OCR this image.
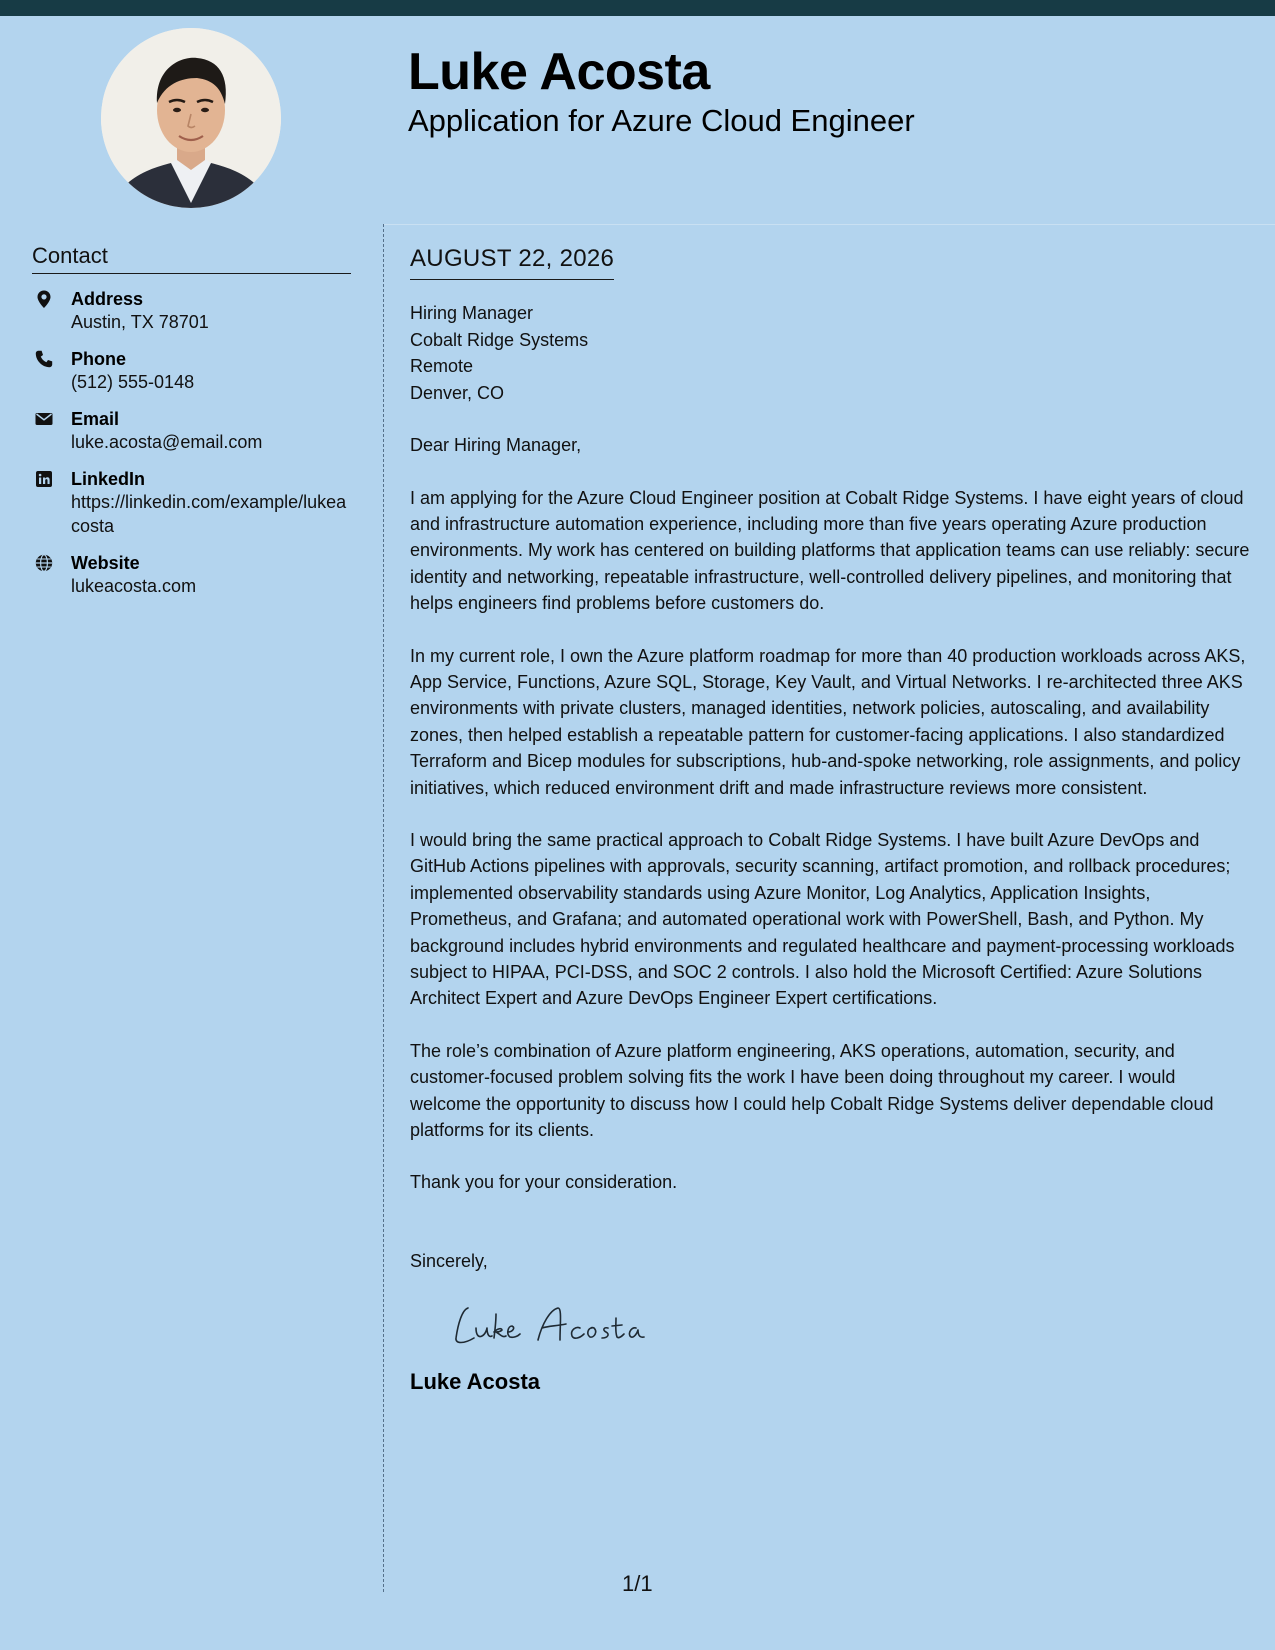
Luke Acosta
Application for Azure Cloud Engineer
Contact
Address
Austin, TX 78701
Phone
(512) 555-0148
Email
luke.acosta@email.com
LinkedIn
https://linkedin.com/example/lukeacosta
Website
lukeacosta.com
AUGUST 22, 2026
Hiring Manager
Cobalt Ridge Systems
Remote
Denver, CO
Dear Hiring Manager,

I am applying for the Azure Cloud Engineer position at Cobalt Ridge Systems. I have eight years of cloud and infrastructure automation experience, including more than five years operating Azure production environments. My work has centered on building platforms that application teams can use reliably: secure identity and networking, repeatable infrastructure, well-controlled delivery pipelines, and monitoring that helps engineers find problems before customers do.

In my current role, I own the Azure platform roadmap for more than 40 production workloads across AKS, App Service, Functions, Azure SQL, Storage, Key Vault, and Virtual Networks. I re-architected three AKS environments with private clusters, managed identities, network policies, autoscaling, and availability zones, then helped establish a repeatable pattern for customer-facing applications. I also standardized Terraform and Bicep modules for subscriptions, hub-and-spoke networking, role assignments, and policy initiatives, which reduced environment drift and made infrastructure reviews more consistent.

I would bring the same practical approach to Cobalt Ridge Systems. I have built Azure DevOps and GitHub Actions pipelines with approvals, security scanning, artifact promotion, and rollback procedures; implemented observability standards using Azure Monitor, Log Analytics, Application Insights, Prometheus, and Grafana; and automated operational work with PowerShell, Bash, and Python. My background includes hybrid environments and regulated healthcare and payment-processing workloads subject to HIPAA, PCI-DSS, and SOC 2 controls. I also hold the Microsoft Certified: Azure Solutions Architect Expert and Azure DevOps Engineer Expert certifications.

The role’s combination of Azure platform engineering, AKS operations, automation, security, and customer-focused problem solving fits the work I have been doing throughout my career. I would welcome the opportunity to discuss how I could help Cobalt Ridge Systems deliver dependable cloud platforms for its clients.

Thank you for your consideration.
Sincerely,
Luke Acosta
1/1
